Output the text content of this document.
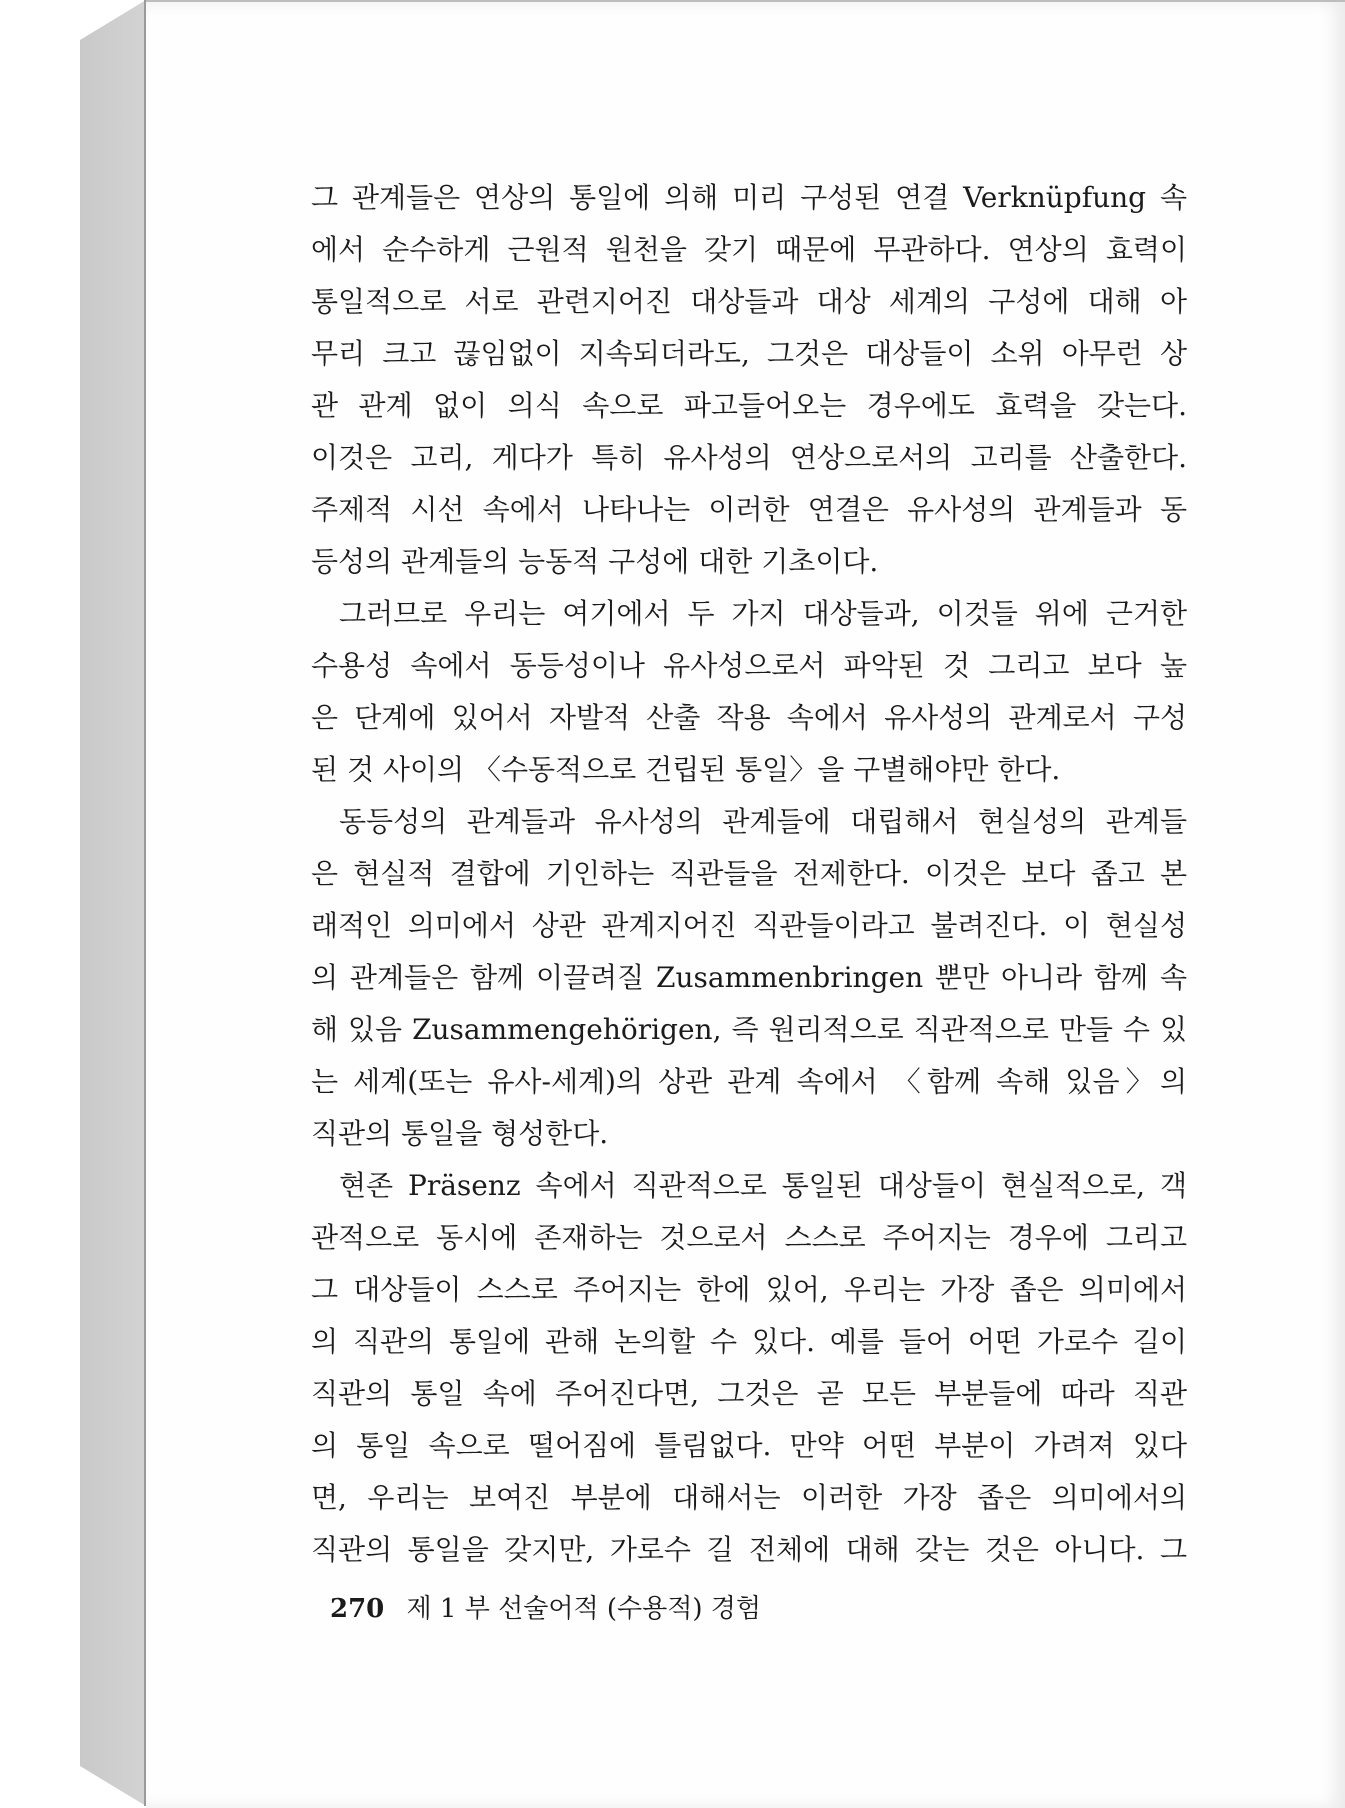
그 관계들은 연상의 통일에 의해 미리 구성된 연결 Verknüpfung 속
에서 순수하게 근원적 원천을 갖기 때문에 무관하다. 연상의 효력이
통일적으로 서로 관련지어진 대상들과 대상 세계의 구성에 대해 아
무리 크고 끊임없이 지속되더라도, 그것은 대상들이 소위 아무런 상
관 관계 없이 의식 속으로 파고들어오는 경우에도 효력을 갖는다.
이것은 고리, 게다가 특히 유사성의 연상으로서의 고리를 산출한다.
주제적 시선 속에서 나타나는 이러한 연결은 유사성의 관계들과 동
등성의 관계들의 능동적 구성에 대한 기초이다.
그러므로 우리는 여기에서 두 가지 대상들과, 이것들 위에 근거한
수용성 속에서 동등성이나 유사성으로서 파악된 것 그리고 보다 높
은 단계에 있어서 자발적 산출 작용 속에서 유사성의 관계로서 구성
된 것 사이의 〈수동적으로 건립된 통일〉을 구별해야만 한다.
동등성의 관계들과 유사성의 관계들에 대립해서 현실성의 관계들
은 현실적 결합에 기인하는 직관들을 전제한다. 이것은 보다 좁고 본
래적인 의미에서 상관 관계지어진 직관들이라고 불려진다. 이 현실성
의 관계들은 함께 이끌려질 Zusammenbringen 뿐만 아니라 함께 속
해 있음 Zusammengehörigen, 즉 원리적으로 직관적으로 만들 수 있
는 세계(또는 유사-세계)의 상관 관계 속에서 〈함께 속해 있음〉의
직관의 통일을 형성한다.
현존 Präsenz 속에서 직관적으로 통일된 대상들이 현실적으로, 객
관적으로 동시에 존재하는 것으로서 스스로 주어지는 경우에 그리고
그 대상들이 스스로 주어지는 한에 있어, 우리는 가장 좁은 의미에서
의 직관의 통일에 관해 논의할 수 있다. 예를 들어 어떤 가로수 길이
직관의 통일 속에 주어진다면, 그것은 곧 모든 부분들에 따라 직관
의 통일 속으로 떨어짐에 틀림없다. 만약 어떤 부분이 가려져 있다
면, 우리는 보여진 부분에 대해서는 이러한 가장 좁은 의미에서의
직관의 통일을 갖지만, 가로수 길 전체에 대해 갖는 것은 아니다. 그
270 제 1 부 선술어적 (수용적) 경험
